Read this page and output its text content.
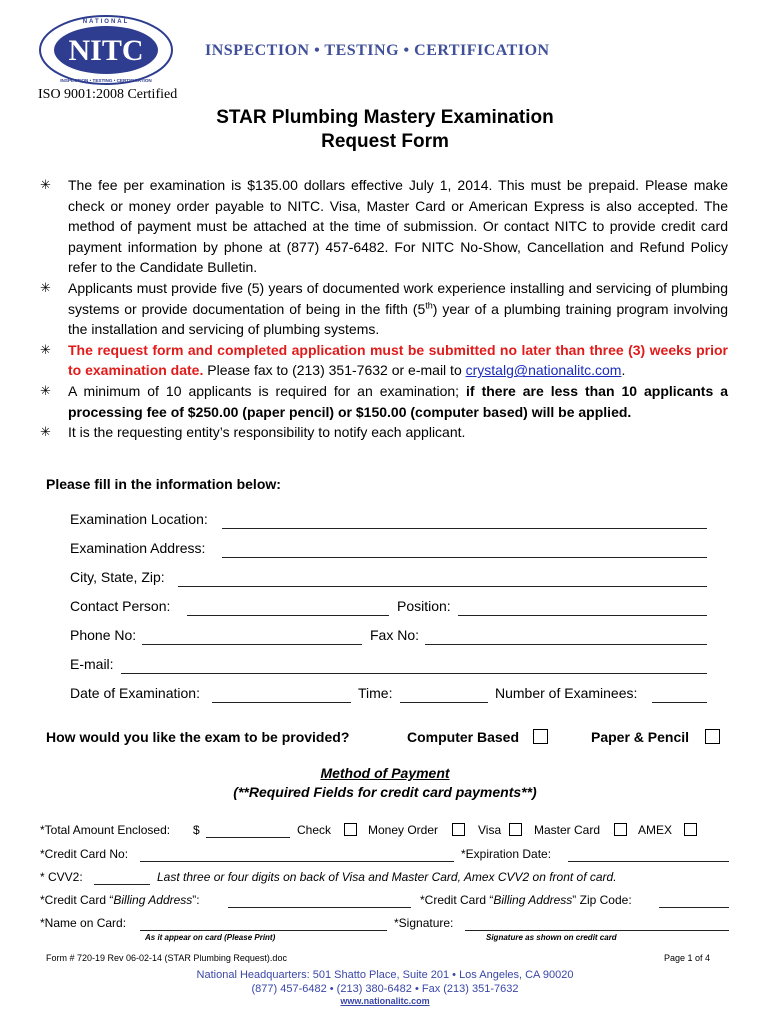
NITC
NATIONAL
INSPECTION • TESTING • CERTIFICATION
INSPECTION • TESTING • CERTIFICATION
ISO 9001:2008 Certified
STAR Plumbing Mastery Examination
Request Form
✳ The fee per examination is $135.00 dollars effective July 1, 2014. This must be prepaid. Please make check or money order payable to NITC. Visa, Master Card or American Express is also accepted. The method of payment must be attached at the time of submission. Or contact NITC to provide credit card payment information by phone at (877) 457-6482. For NITC No-Show, Cancellation and Refund Policy refer to the Candidate Bulletin.
✳ Applicants must provide five (5) years of documented work experience installing and servicing of plumbing systems or provide documentation of being in the fifth (5th) year of a plumbing training program involving the installation and servicing of plumbing systems.
✳ The request form and completed application must be submitted no later than three (3) weeks prior to examination date. Please fax to (213) 351-7632 or e-mail to crystalg@nationalitc.com.
✳ A minimum of 10 applicants is required for an examination; if there are less than 10 applicants a processing fee of $250.00 (paper pencil) or $150.00 (computer based) will be applied.
✳ It is the requesting entity’s responsibility to notify each applicant.
Please fill in the information below:
Examination Location:
Examination Address:
City, State, Zip:
Contact Person:	Position:
Phone No:	Fax No:
E-mail:
Date of Examination:	Time:	Number of Examinees:
How would you like the exam to be provided?	Computer Based	Paper & Pencil
Method of Payment
(**Required Fields for credit card payments**)
*Total Amount Enclosed: $	Check	Money Order	Visa	Master Card	AMEX
*Credit Card No:	*Expiration Date:
* CVV2:	Last three or four digits on back of Visa and Master Card, Amex CVV2 on front of card.
*Credit Card “Billing Address”:	*Credit Card “Billing Address” Zip Code:
*Name on Card:	*Signature:
As it appear on card (Please Print)	Signature as shown on credit card
Form # 720-19 Rev 06-02-14 (STAR Plumbing Request).doc	Page 1 of 4
National Headquarters: 501 Shatto Place, Suite 201 • Los Angeles, CA 90020
(877) 457-6482 • (213) 380-6482 • Fax (213) 351-7632
www.nationalitc.com
